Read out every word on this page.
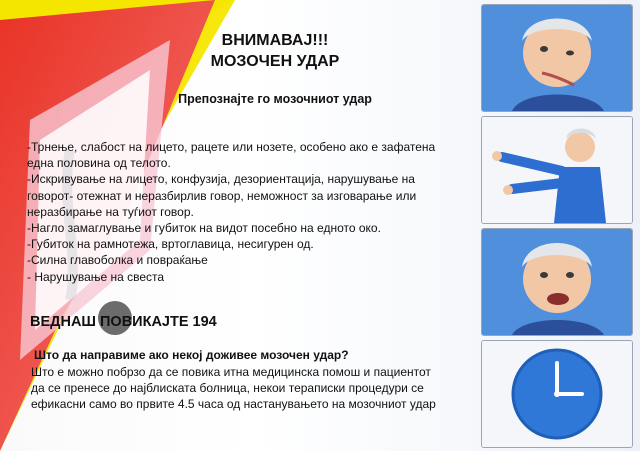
ВНИМАВАЈ!!!
МОЗОЧЕН УДАР
Препознајте го мозочниот удар
-Трнење, слабост на лицето, рацете или нозете, особено ако е зафатена
една половина од телото.
-Искривување на лицето, конфузија, дезориентација, нарушување на
говорот- отежнат и неразбирлив говор, неможност за изговарање или
неразбирање на туѓиот говор.
-Нагло замаглување и губиток на видот посебно на едното око.
-Губиток на рамнотежа, вртоглавица, несигурен од.
-Силна главоболка и повраќање
- Нарушување на свеста
ВЕДНАШ ПОВИКАЈТЕ 194
Што да направиме ако некој доживее мозочен удар?
Што е можно побрзо да се повика итна медицинска помош и пациентот
да се пренесе до најблиската болница, некои тераписки процедури се
ефикасни само во првите 4.5 часа од настанувањето на мозочниот удар
